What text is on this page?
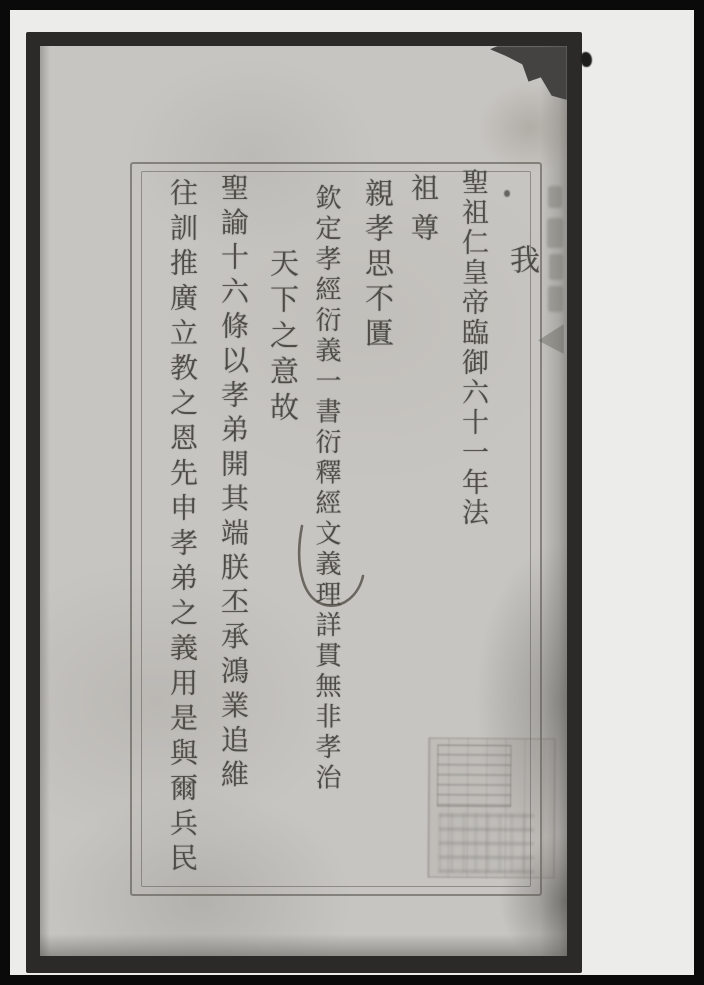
我
聖祖仁皇帝臨御六十一年法
祖尊
親孝思不匱
欽定孝經衍義一書衍釋經文義理詳貫無非孝治
天下之意故
聖諭十六條以孝弟開其端朕丕承鴻業追維
往訓推廣立教之恩先申孝弟之義用是與爾兵民
